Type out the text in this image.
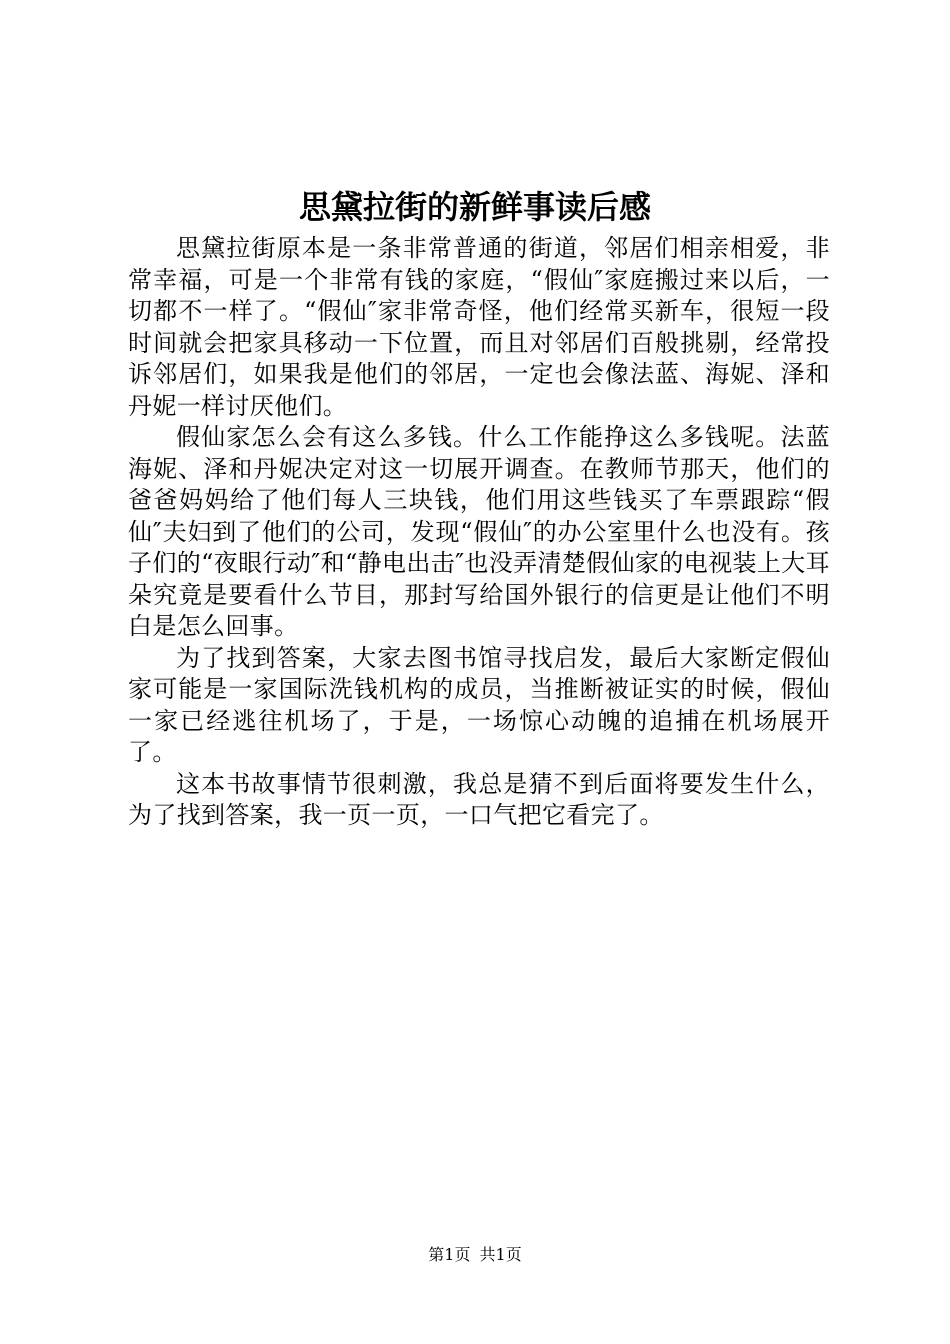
思黛拉街的新鲜事读后感

思黛拉街原本是一条非常普通的街道，邻居们相亲相爱，非常幸福，可是一个非常有钱的家庭，“假仙″家庭搬过来以后，一切都不一样了。“假仙″家非常奇怪，他们经常买新车，很短一段时间就会把家具移动一下位置，而且对邻居们百般挑剔，经常投诉邻居们，如果我是他们的邻居，一定也会像法蓝、海妮、泽和丹妮一样讨厌他们。

假仙家怎么会有这么多钱。什么工作能挣这么多钱呢。法蓝海妮、泽和丹妮决定对这一切展开调查。在教师节那天，他们的爸爸妈妈给了他们每人三块钱，他们用这些钱买了车票跟踪“假仙″夫妇到了他们的公司，发现“假仙″的办公室里什么也没有。孩子们的“夜眼行动″和“静电出击″也没弄清楚假仙家的电视装上大耳朵究竟是要看什么节目，那封写给国外银行的信更是让他们不明白是怎么回事。

为了找到答案，大家去图书馆寻找启发，最后大家断定假仙家可能是一家国际洗钱机构的成员，当推断被证实的时候，假仙一家已经逃往机场了，于是，一场惊心动魄的追捕在机场展开了。

这本书故事情节很刺激，我总是猜不到后面将要发生什么，为了找到答案，我一页一页，一口气把它看完了。

第1页 共1页
